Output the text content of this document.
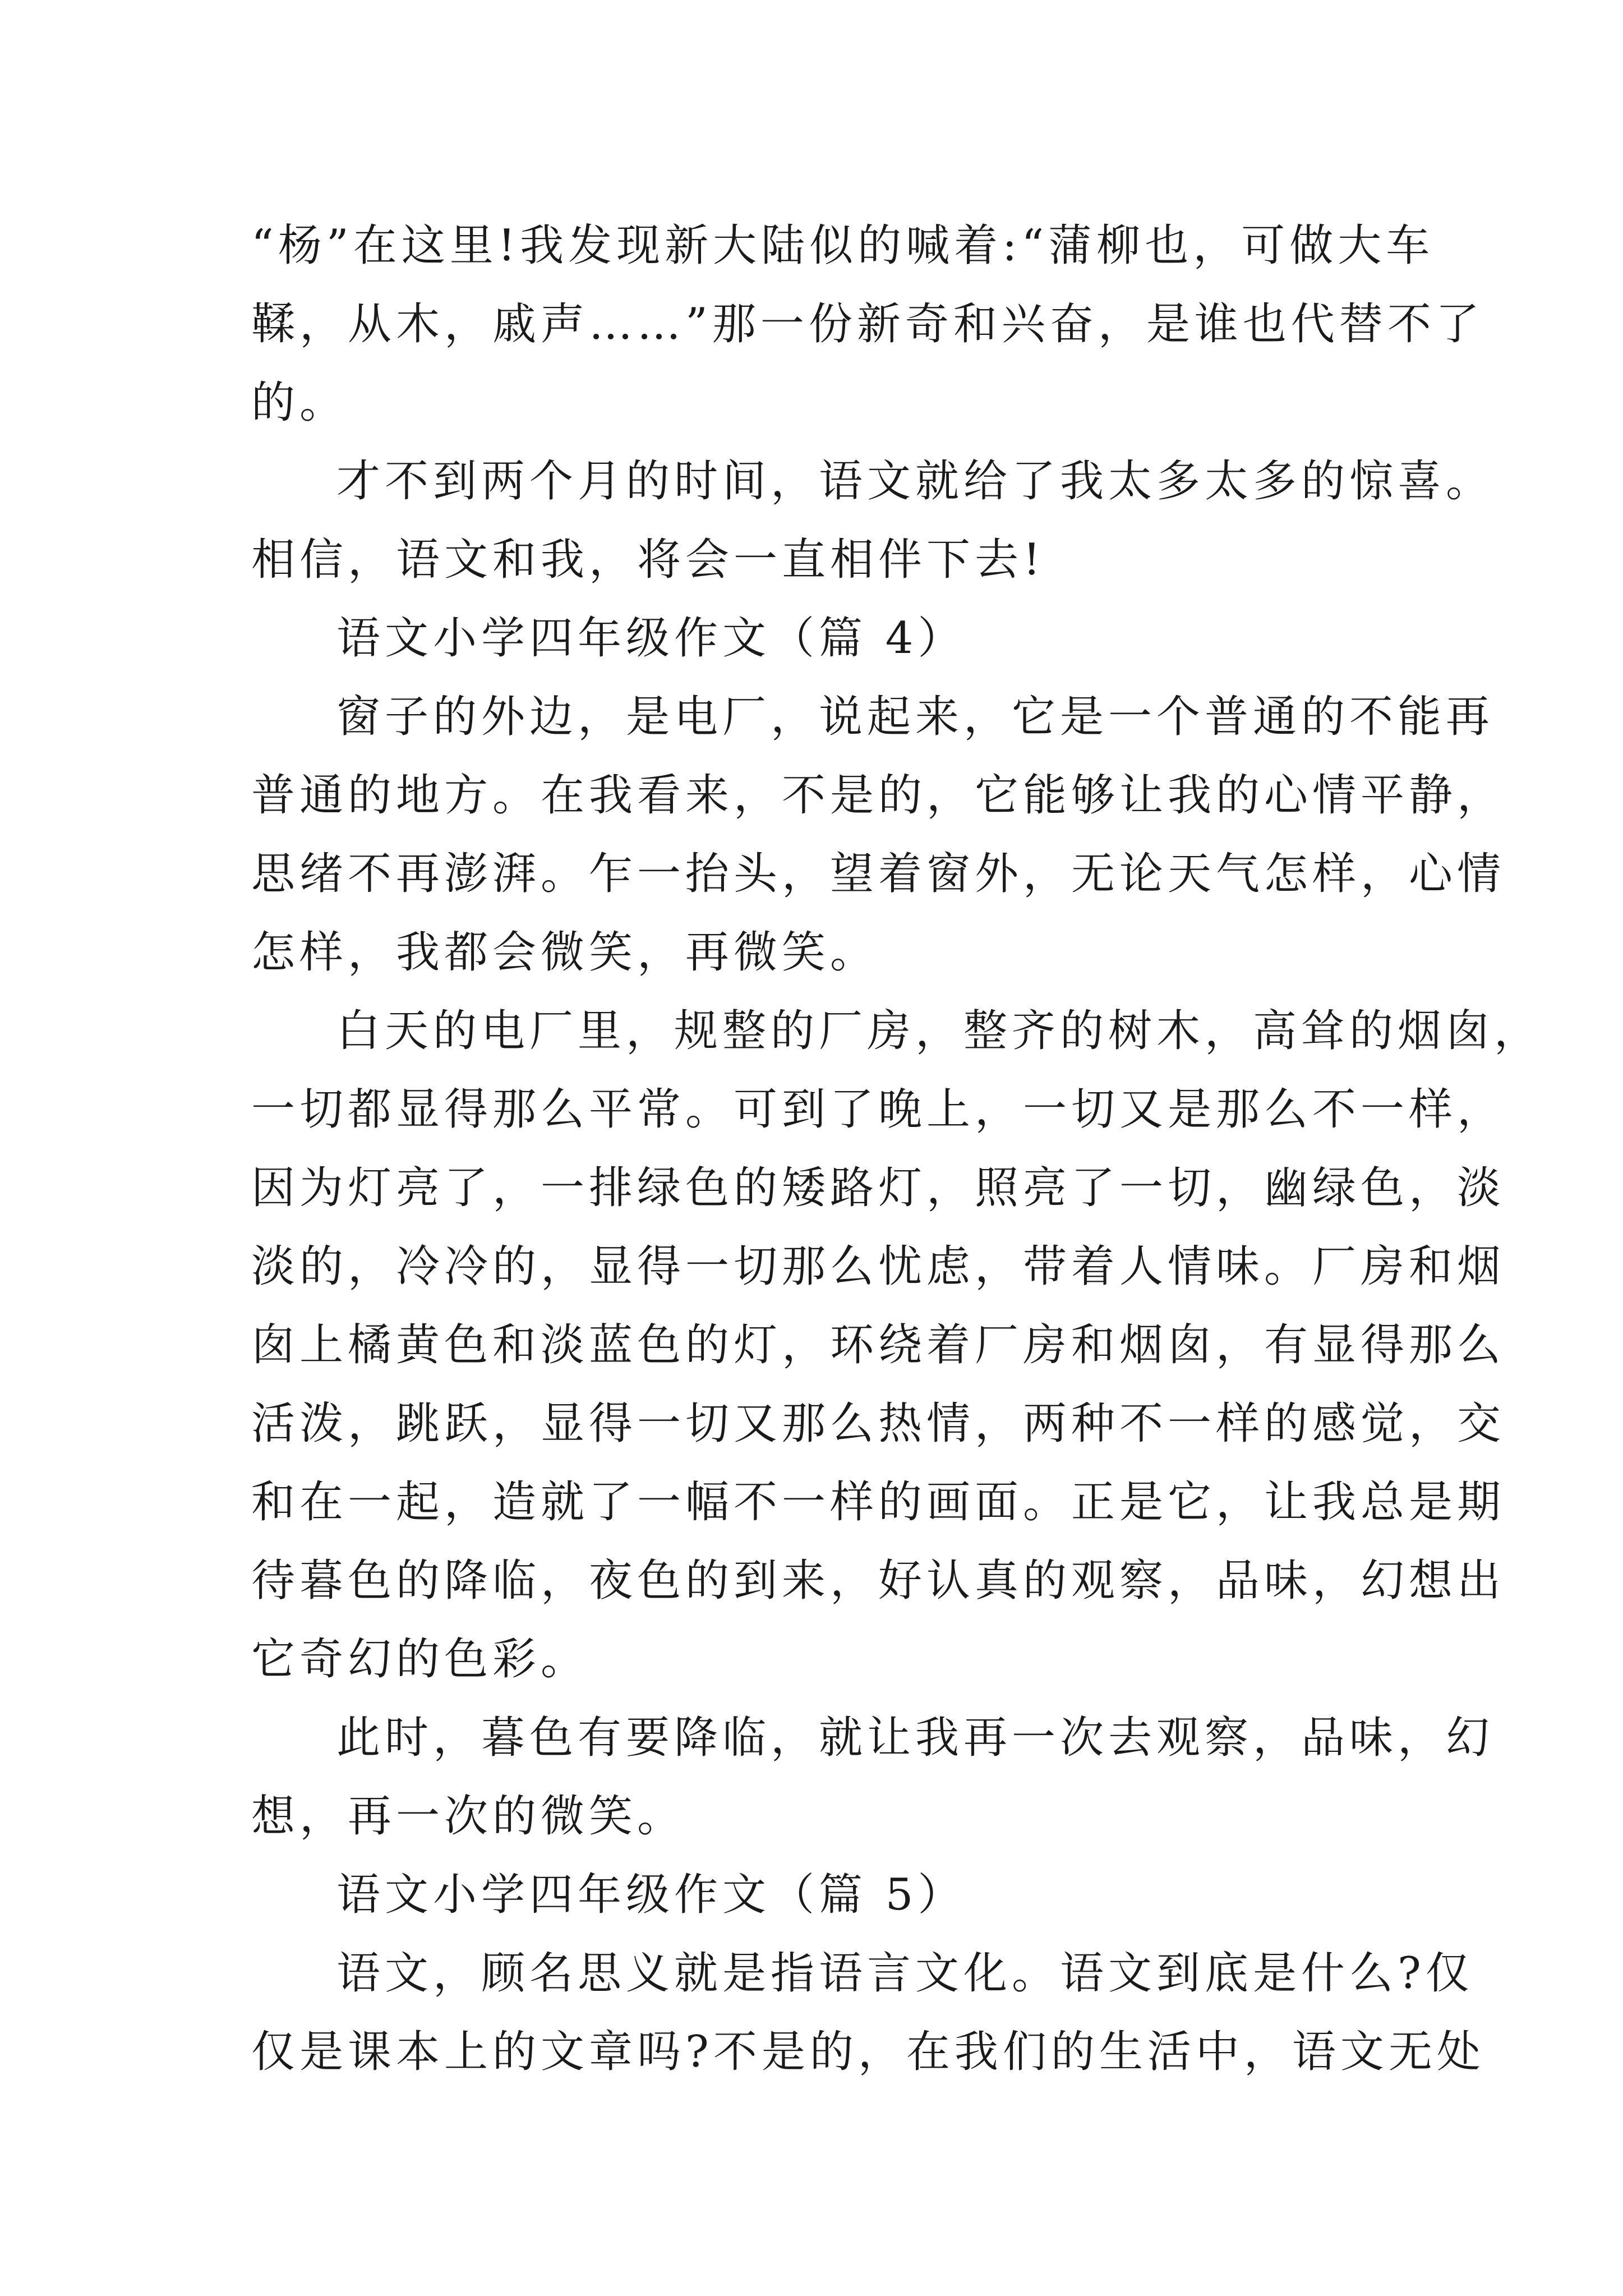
“杨”在这里!我发现新大陆似的喊着:“蒲柳也，可做大车

鞣，从木，戚声……”那一份新奇和兴奋，是谁也代替不了

的。

才不到两个月的时间，语文就给了我太多太多的惊喜。

相信，语文和我，将会一直相伴下去!

语文小学四年级作文（篇 4）

窗子的外边，是电厂，说起来，它是一个普通的不能再

普通的地方。在我看来，不是的，它能够让我的心情平静，

思绪不再澎湃。乍一抬头，望着窗外，无论天气怎样，心情

怎样，我都会微笑，再微笑。

白天的电厂里，规整的厂房，整齐的树木，高耸的烟囱，

一切都显得那么平常。可到了晚上，一切又是那么不一样，

因为灯亮了，一排绿色的矮路灯，照亮了一切，幽绿色，淡

淡的，冷冷的，显得一切那么忧虑，带着人情味。厂房和烟

囱上橘黄色和淡蓝色的灯，环绕着厂房和烟囱，有显得那么

活泼，跳跃，显得一切又那么热情，两种不一样的感觉，交

和在一起，造就了一幅不一样的画面。正是它，让我总是期

待暮色的降临，夜色的到来，好认真的观察，品味，幻想出

它奇幻的色彩。

此时，暮色有要降临，就让我再一次去观察，品味，幻

想，再一次的微笑。

语文小学四年级作文（篇 5）

语文，顾名思义就是指语言文化。语文到底是什么?仅

仅是课本上的文章吗?不是的，在我们的生活中，语文无处
